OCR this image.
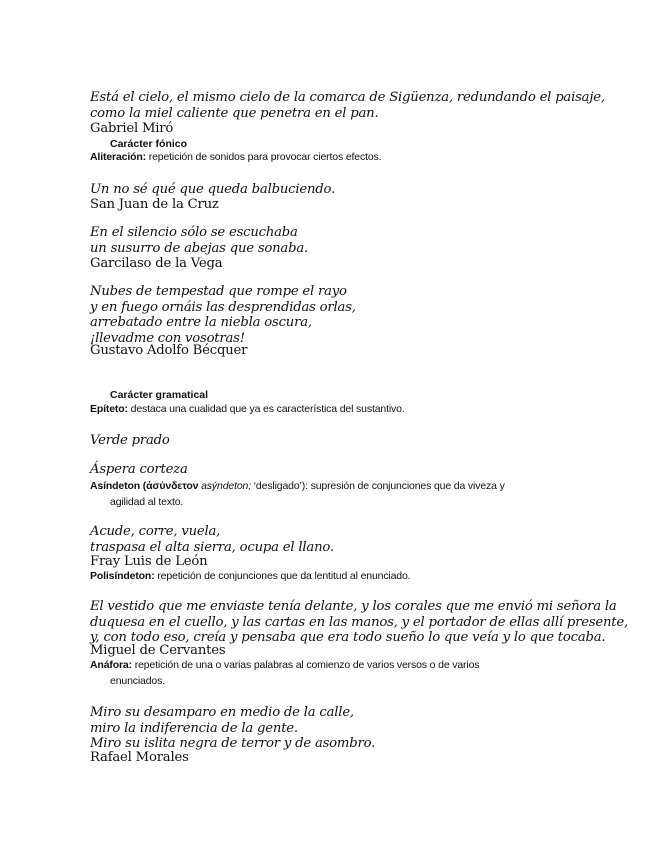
Está el cielo, el mismo cielo de la comarca de Sigüenza, redundando el paisaje,
como la miel caliente que penetra en el pan.
Gabriel Miró
Carácter fónico
Aliteración: repetición de sonidos para provocar ciertos efectos.
Un no sé qué que queda balbuciendo.
San Juan de la Cruz
En el silencio sólo se escuchaba
un susurro de abejas que sonaba.
Garcilaso de la Vega
Nubes de tempestad que rompe el rayo
y en fuego ornáis las desprendidas orlas,
arrebatado entre la niebla oscura,
¡llevadme con vosotras!
Gustavo Adolfo Bécquer
Carácter gramatical
Epíteto: destaca una cualidad que ya es característica del sustantivo.
Verde prado
Áspera corteza
Asíndeton (ἀσύνδετον asýndeton; ‘desligado’): supresión de conjunciones que da viveza y
agilidad al texto.
Acude, corre, vuela,
traspasa el alta sierra, ocupa el llano.
Fray Luis de León
Polisíndeton: repetición de conjunciones que da lentitud al enunciado.
El vestido que me enviaste tenía delante, y los corales que me envió mi señora la
duquesa en el cuello, y las cartas en las manos, y el portador de ellas allí presente,
y, con todo eso, creía y pensaba que era todo sueño lo que veía y lo que tocaba.
Miguel de Cervantes
Anáfora: repetición de una o varias palabras al comienzo de varios versos o de varios
enunciados.
Miro su desamparo en medio de la calle,
miro la indiferencia de la gente.
Miro su islita negra de terror y de asombro.
Rafael Morales
